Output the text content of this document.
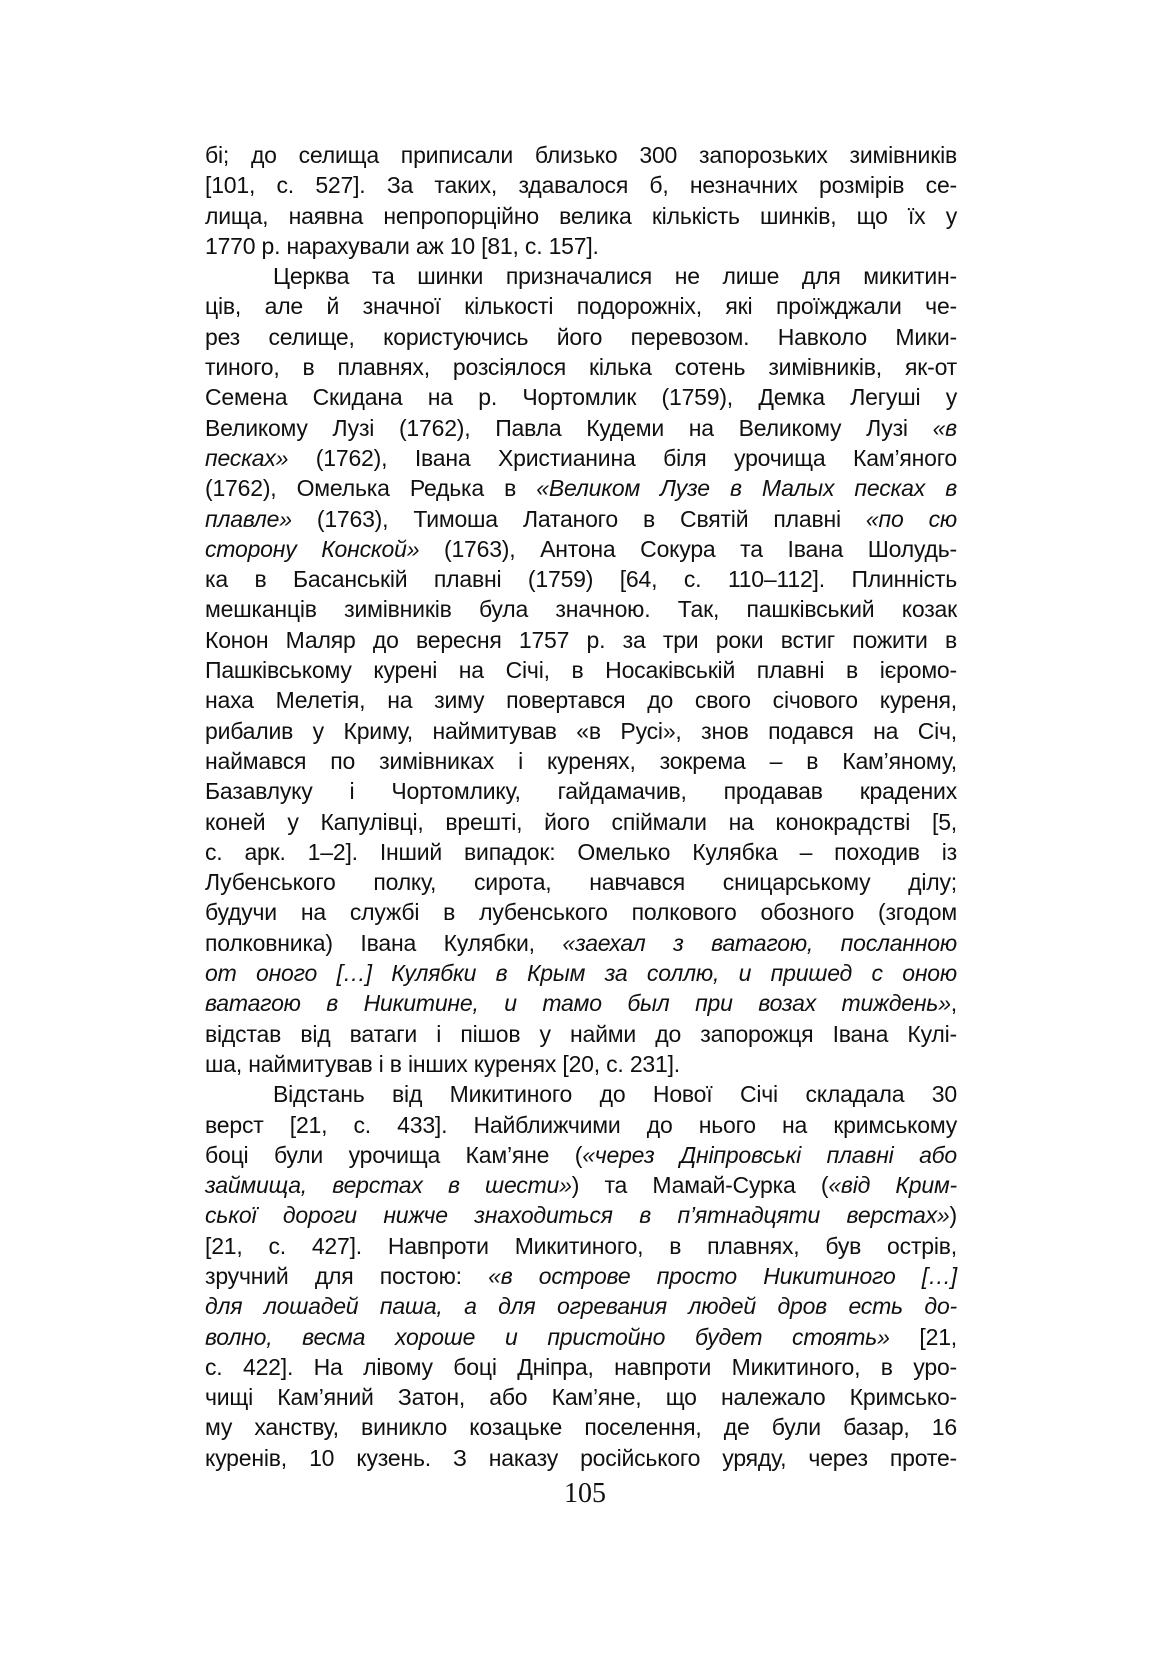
бі; до селища приписали близько 300 запорозьких зимівників
[101, с. 527]. За таких, здавалося б, незначних розмірів се-
лища, наявна непропорційно велика кількість шинків, що їх у
1770 р. нарахували аж 10 [81, с. 157].
Церква та шинки призначалися не лише для микитин-
ців, але й значної кількості подорожніх, які проїжджали че-
рез селище, користуючись його перевозом. Навколо Мики-
тиного, в плавнях, розсіялося кілька сотень зимівників, як-от
Семена Скидана на р. Чортомлик (1759), Демка Легуші у
Великому Лузі (1762), Павла Кудеми на Великому Лузі «в
песках» (1762), Івана Христианина біля урочища Кам’яного
(1762), Омелька Редька в «Великом Лузе в Малых песках в
плавле» (1763), Тимоша Латаного в Святій плавні «по сю
сторону Конской» (1763), Антона Сокура та Івана Шолудь-
ка в Басанській плавні (1759) [64, с. 110–112]. Плинність
мешканців зимівників була значною. Так, пашківський козак
Конон Маляр до вересня 1757 р. за три роки встиг пожити в
Пашківському курені на Січі, в Носаківській плавні в ієромо-
наха Мелетія, на зиму повертався до свого січового куреня,
рибалив у Криму, наймитував «в Русі», знов подався на Січ,
наймався по зимівниках і куренях, зокрема – в Кам’яному,
Базавлуку і Чортомлику, гайдамачив, продавав крадених
коней у Капулівці, врешті, його спіймали на конокрадстві [5,
с. арк. 1–2]. Інший випадок: Омелько Кулябка – походив із
Лубенського полку, сирота, навчався сницарському ділу;
будучи на службі в лубенського полкового обозного (згодом
полковника) Івана Кулябки, «заехал з ватагою, посланною
от оного […] Кулябки в Крым за соллю, и пришед с оною
ватагою в Никитине, и тамо был при возах тиждень»,
відстав від ватаги і пішов у найми до запорожця Івана Кулі-
ша, наймитував і в інших куренях [20, с. 231].
Відстань від Микитиного до Нової Січі складала 30
верст [21, с. 433]. Найближчими до нього на кримському
боці були урочища Кам’яне («через Дніпровські плавні або
займища, верстах в шести») та Мамай-Сурка («від Крим-
ської дороги нижче знаходиться в п’ятнадцяти верстах»)
[21, с. 427]. Навпроти Микитиного, в плавнях, був острів,
зручний для постою: «в острове просто Никитиного […]
для лошадей паша, а для огревания людей дров есть до-
волно, весма хороше и пристойно будет стоять» [21,
с. 422]. На лівому боці Дніпра, навпроти Микитиного, в уро-
чищі Кам’яний Затон, або Кам’яне, що належало Кримсько-
му ханству, виникло козацьке поселення, де були базар, 16
куренів, 10 кузень. З наказу російського уряду, через проте-
105
